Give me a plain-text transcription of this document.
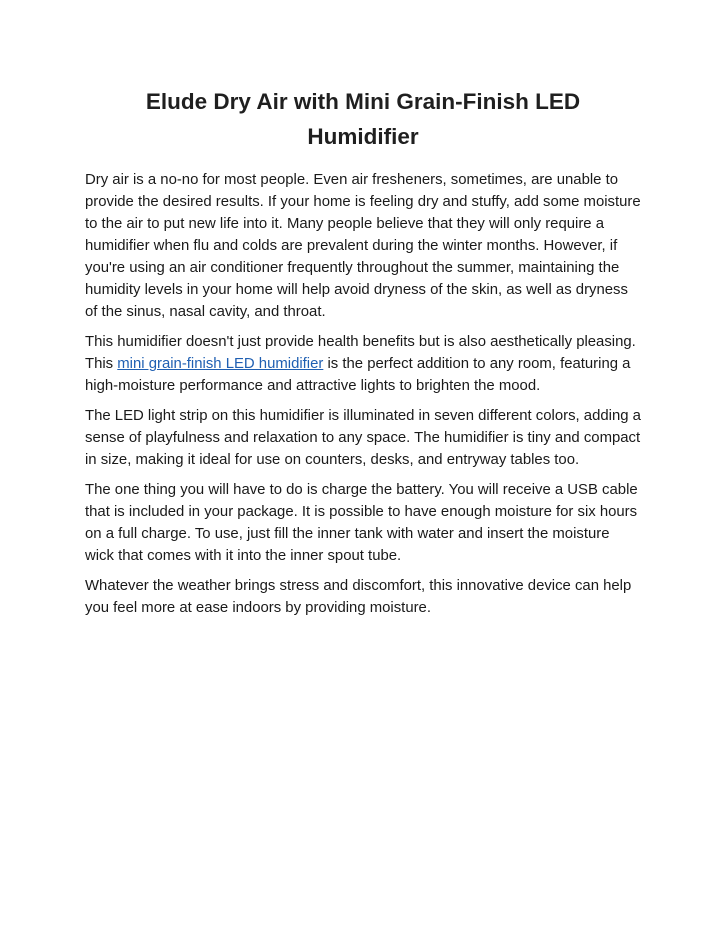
Elude Dry Air with Mini Grain-Finish LED Humidifier

Dry air is a no-no for most people. Even air fresheners, sometimes, are unable to provide the desired results. If your home is feeling dry and stuffy, add some moisture to the air to put new life into it. Many people believe that they will only require a humidifier when flu and colds are prevalent during the winter months. However, if you're using an air conditioner frequently throughout the summer, maintaining the humidity levels in your home will help avoid dryness of the skin, as well as dryness of the sinus, nasal cavity, and throat.

This humidifier doesn't just provide health benefits but is also aesthetically pleasing. This mini grain-finish LED humidifier is the perfect addition to any room, featuring a high-moisture performance and attractive lights to brighten the mood.

The LED light strip on this humidifier is illuminated in seven different colors, adding a sense of playfulness and relaxation to any space. The humidifier is tiny and compact in size, making it ideal for use on counters, desks, and entryway tables too.

The one thing you will have to do is charge the battery. You will receive a USB cable that is included in your package. It is possible to have enough moisture for six hours on a full charge. To use, just fill the inner tank with water and insert the moisture wick that comes with it into the inner spout tube.

Whatever the weather brings stress and discomfort, this innovative device can help you feel more at ease indoors by providing moisture.
